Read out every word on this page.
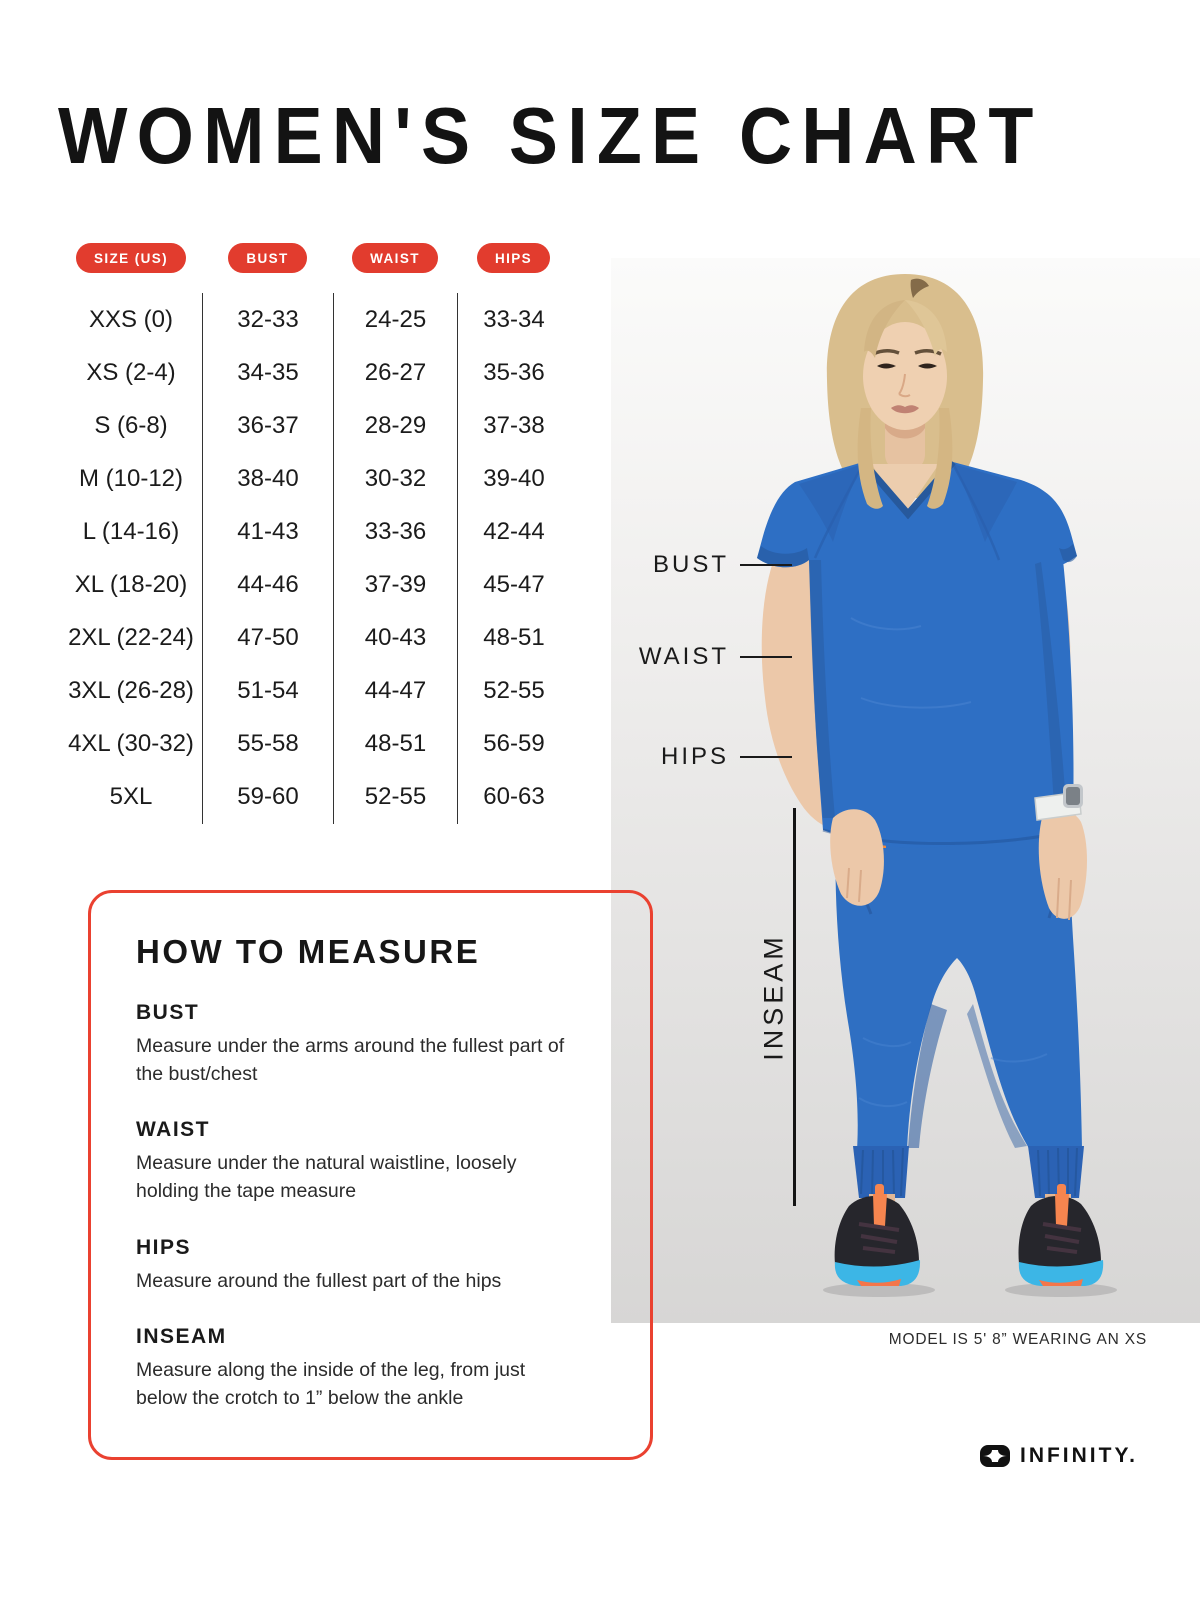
WOMEN'S SIZE CHART
SIZE (US)	BUST	WAIST	HIPS
XXS (0)	32-33	24-25	33-34
XS (2-4)	34-35	26-27	35-36
S (6-8)	36-37	28-29	37-38
M (10-12)	38-40	30-32	39-40
L (14-16)	41-43	33-36	42-44
XL (18-20)	44-46	37-39	45-47
2XL (22-24)	47-50	40-43	48-51
3XL (26-28)	51-54	44-47	52-55
4XL (30-32)	55-58	48-51	56-59
5XL	59-60	52-55	60-63
BUST
WAIST
HIPS
INSEAM
MODEL IS 5' 8” WEARING AN XS
HOW TO MEASURE
BUST
Measure under the arms around the fullest part of the bust/chest
WAIST
Measure under the natural waistline, loosely holding the tape measure
HIPS
Measure around the fullest part of the hips
INSEAM
Measure along the inside of the leg, from just below the crotch to 1” below the ankle
INFINITY.
